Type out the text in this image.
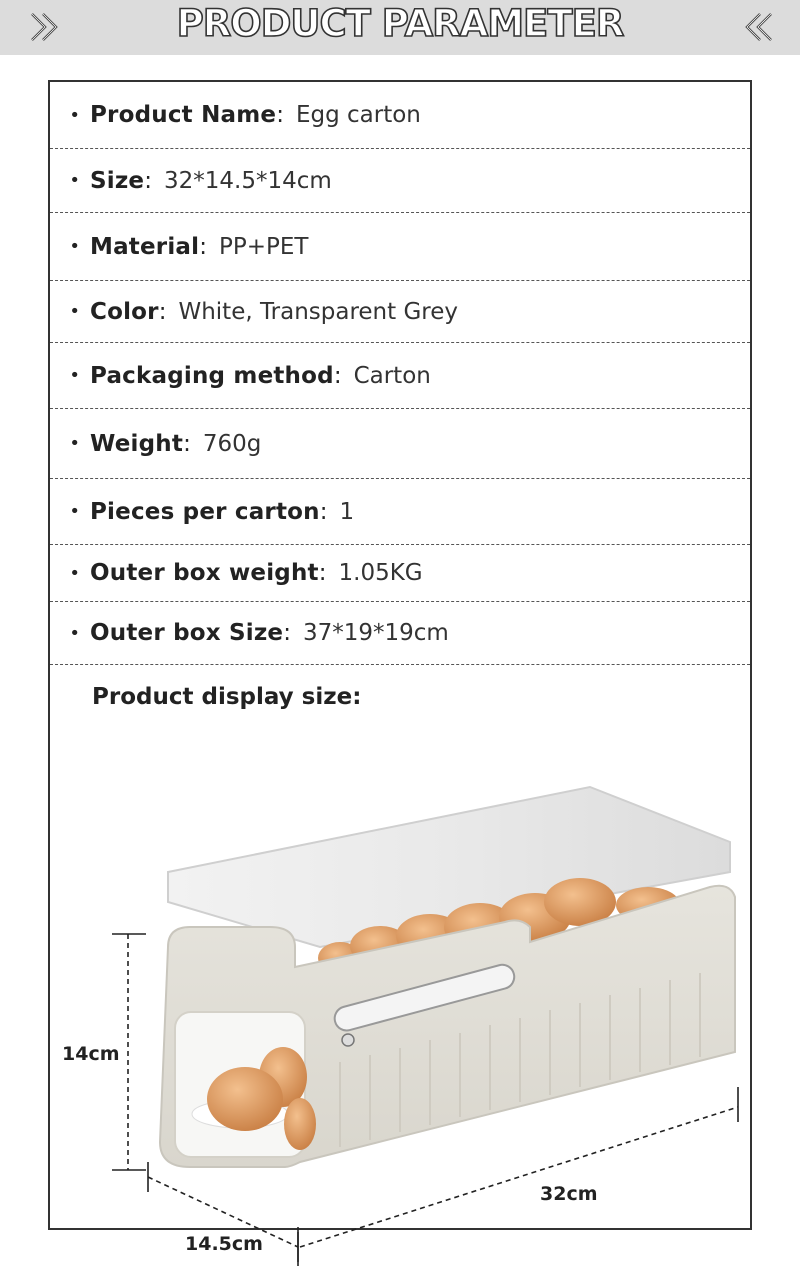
PRODUCT PARAMETER
• Product Name : Egg carton
• Size : 32*14.5*14cm
• Material : PP+PET
• Color : White, Transparent Grey
• Packaging method : Carton
• Weight : 760g
• Pieces per carton : 1
• Outer box weight : 1.05KG
• Outer box Size : 37*19*19cm
Product display size:
14cm
14.5cm
32cm
